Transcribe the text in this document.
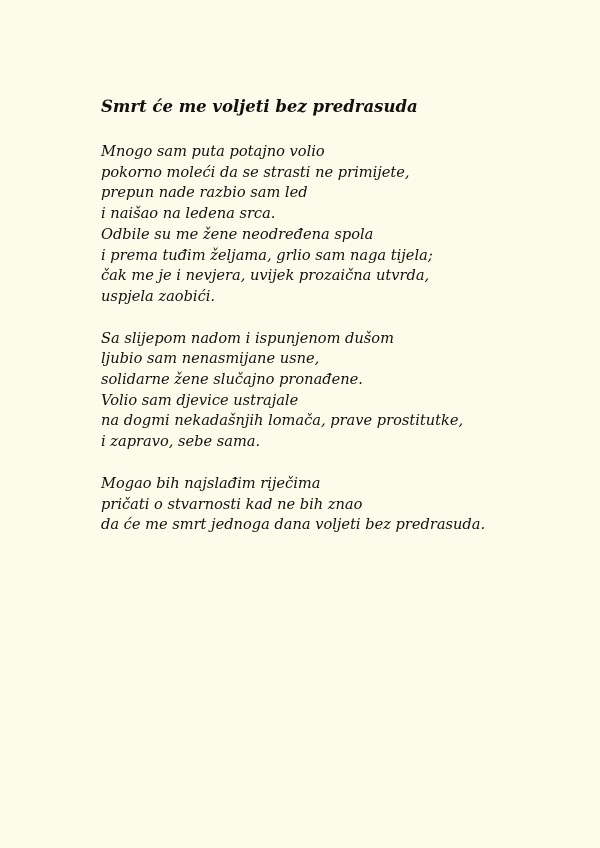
Smrt će me voljeti bez predrasuda
Mnogo sam puta potajno volio
pokorno moleći da se strasti ne primijete,
prepun nade razbio sam led
i naišao na ledena srca.
Odbile su me žene neodređena spola
i prema tuđim željama, grlio sam naga tijela;
čak me je i nevjera, uvijek prozaična utvrda,
uspjela zaobići.
Sa slijepom nadom i ispunjenom dušom
ljubio sam nenasmijane usne,
solidarne žene slučajno pronađene.
Volio sam djevice ustrajale
na dogmi nekadašnjih lomača, prave prostitutke,
i zapravo, sebe sama.
Mogao bih najslađim riječima
pričati o stvarnosti kad ne bih znao
da će me smrt jednoga dana voljeti bez predrasuda.
